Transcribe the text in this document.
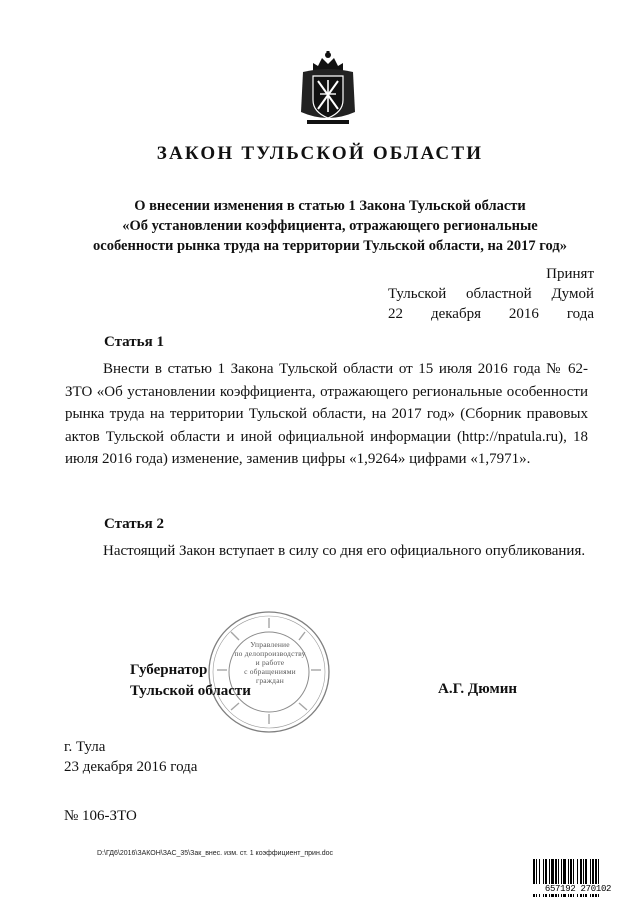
ЗАКОН ТУЛЬСКОЙ ОБЛАСТИ
О внесении изменения в статью 1 Закона Тульской области
«Об установлении коэффициента, отражающего региональные
особенности рынка труда на территории Тульской области, на 2017 год»
Принят
Тульской областной Думой
22 декабря 2016 года
Статья 1

Внести в статью 1 Закона Тульской области от 15 июля 2016 года № 62-ЗТО «Об установлении коэффициента, отражающего региональные особенности рынка труда на территории Тульской области, на 2017 год» (Сборник правовых актов Тульской области и иной официальной информации (http://npatula.ru), 18 июля 2016 года) изменение, заменив цифры «1,9264» цифрами «1,7971».

Статья 2

Настоящий Закон вступает в силу со дня его официального опубликования.

Управление
по делопроизводству
и работе
с обращениями
граждан
Губернатор
Тульской области	А.Г. Дюмин
г. Тула
23 декабря 2016 года
№ 106-ЗТО
D:\ГД6\2016\ЗАКОН\ЗАС_35\Зак_внес. изм. ст. 1 коэффициент_прин.doc
657192 270102
